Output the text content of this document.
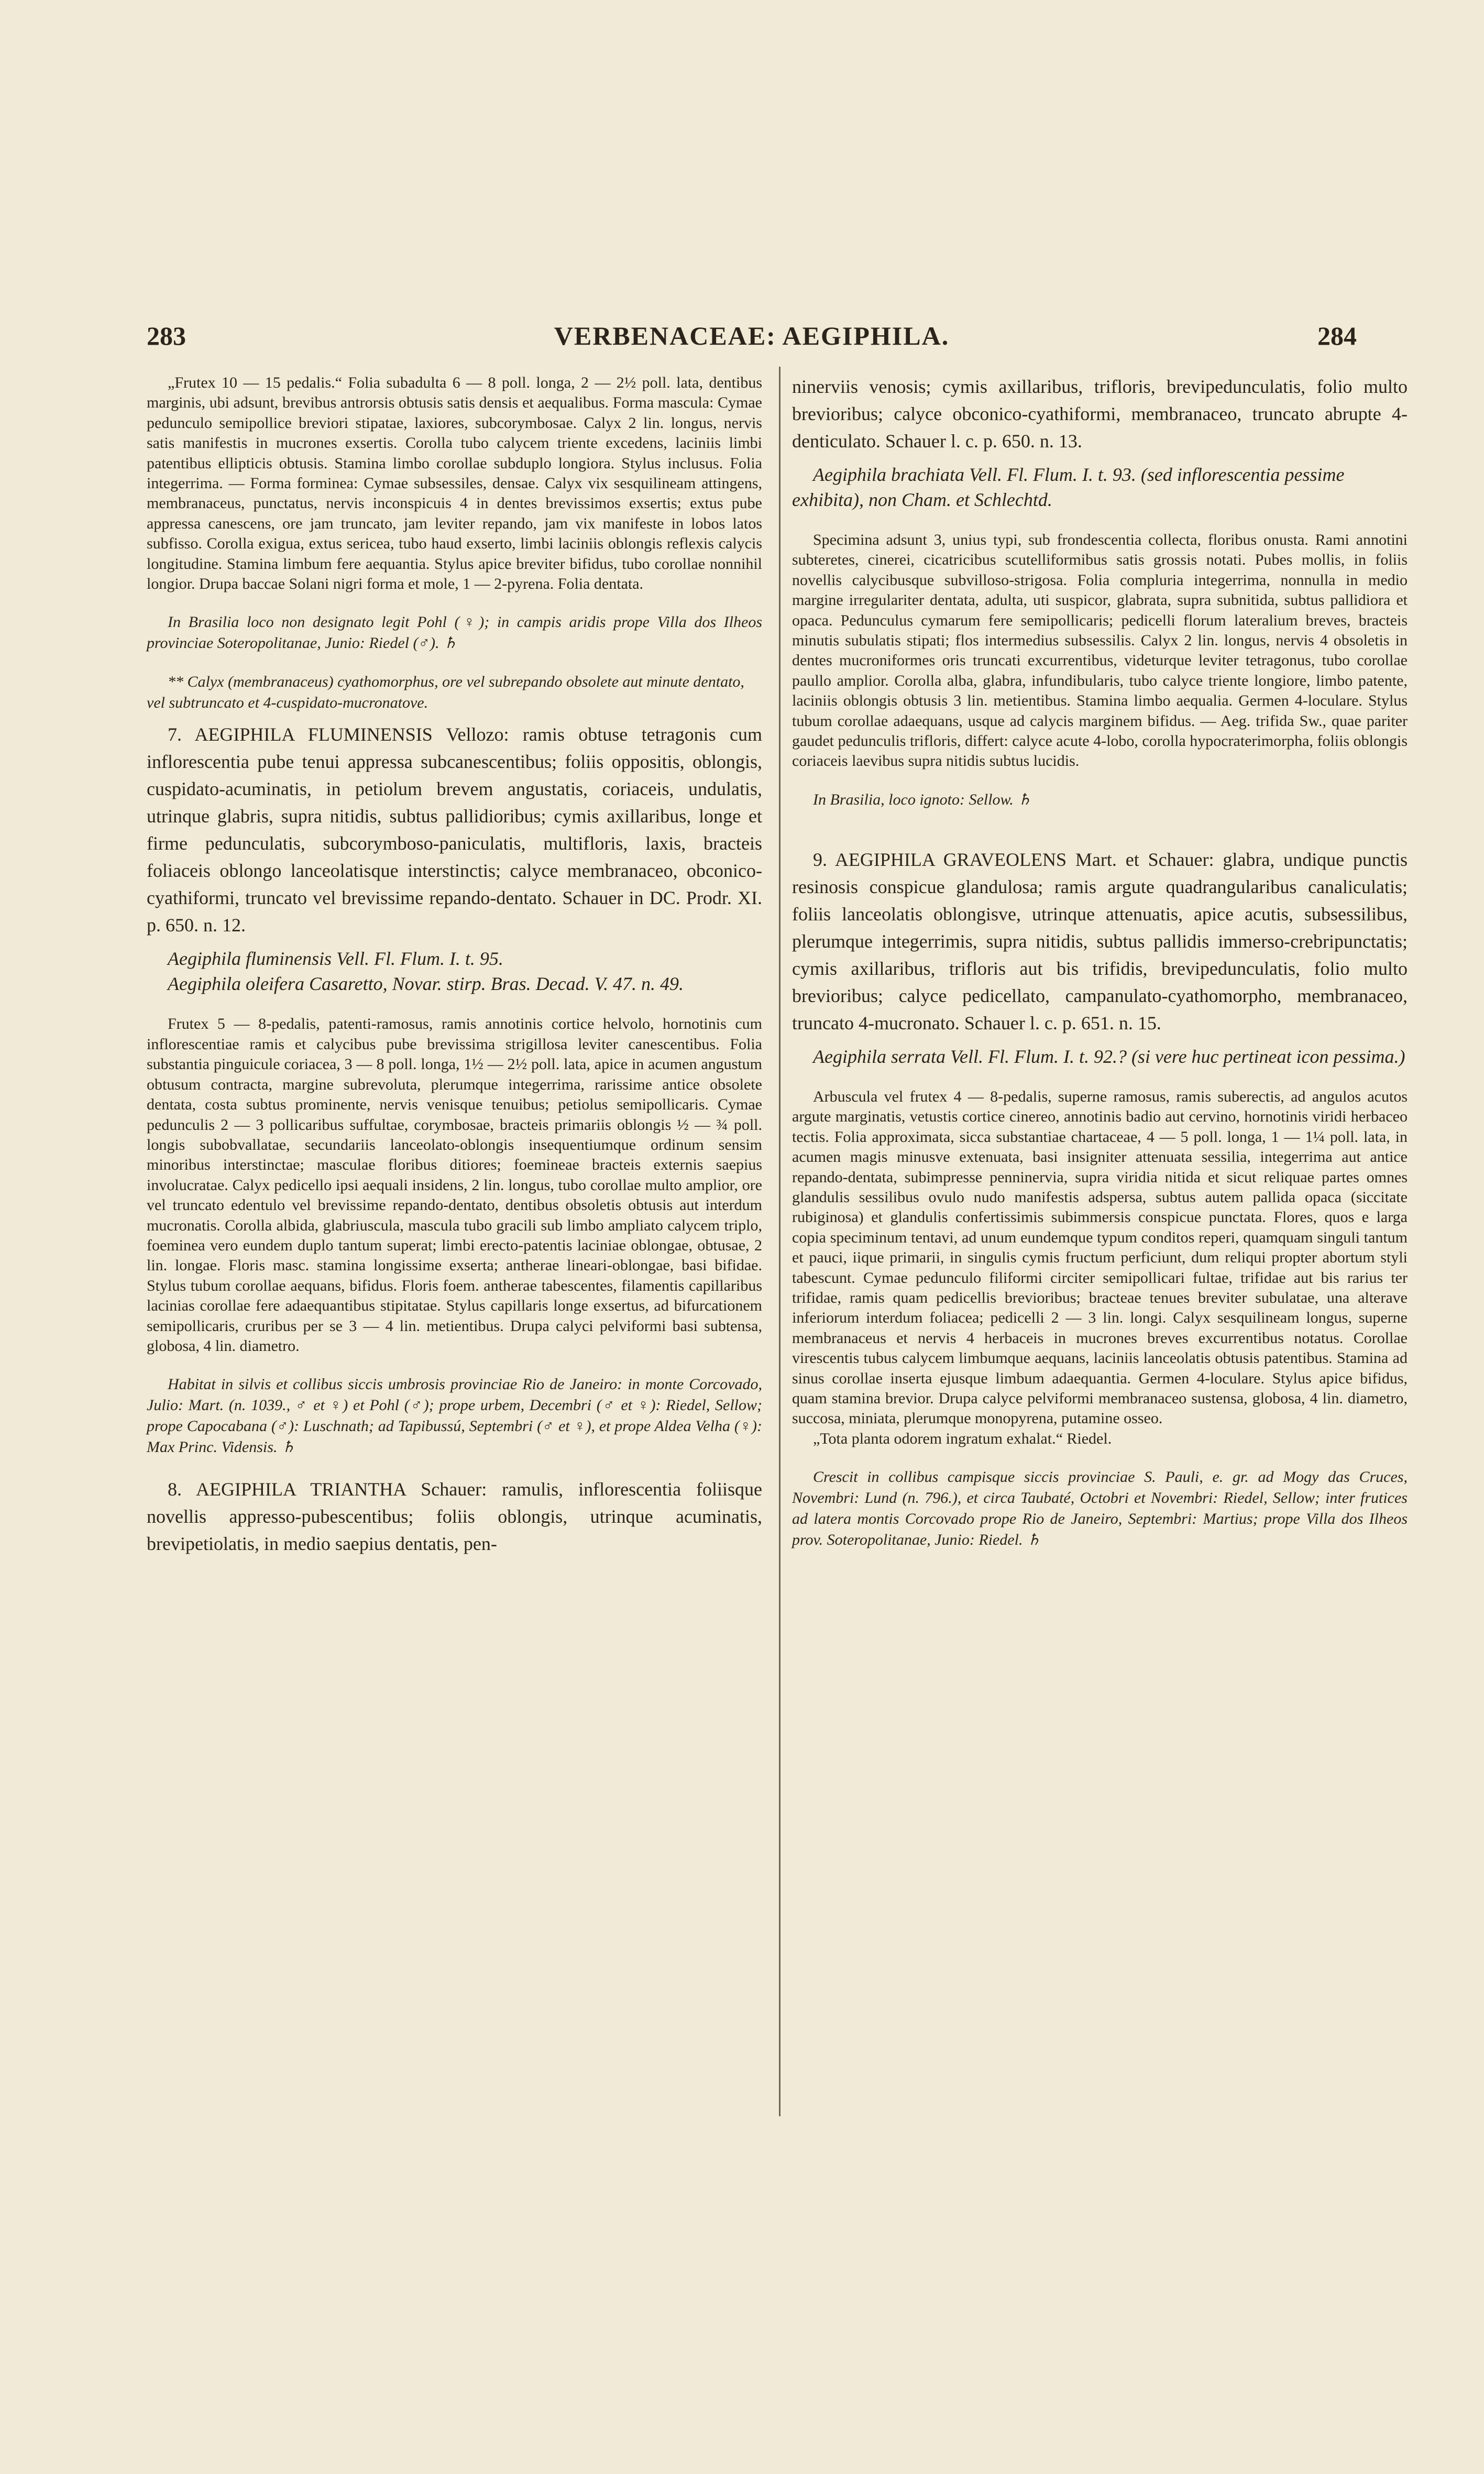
283	VERBENACEAE: AEGIPHILA.	284

„Frutex 10 — 15 pedalis.“ Folia subadulta 6 — 8 poll. longa, 2 — 2½ poll. lata, dentibus marginis, ubi adsunt, brevibus antrorsis obtusis satis densis et aequalibus. Forma mascula: Cymae pedunculo semipollice breviori stipatae, laxiores, subcorymbosae. Calyx 2 lin. longus, nervis satis manifestis in mucrones exsertis. Corolla tubo calycem triente excedens, laciniis limbi patentibus ellipticis obtusis. Stamina limbo corollae subduplo longiora. Stylus inclusus. Folia integerrima. — Forma forminea: Cymae subsessiles, densae. Calyx vix sesquilineam attingens, membranaceus, punctatus, nervis inconspicuis 4 in dentes brevissimos exsertis; extus pube appressa canescens, ore jam truncato, jam leviter repando, jam vix manifeste in lobos latos subfisso. Corolla exigua, extus sericea, tubo haud exserto, limbi laciniis oblongis reflexis calycis longitudine. Stamina limbum fere aequantia. Stylus apice breviter bifidus, tubo corollae nonnihil longior. Drupa baccae Solani nigri forma et mole, 1 — 2-pyrena. Folia dentata.

In Brasilia loco non designato legit Pohl (♀); in campis aridis prope Villa dos Ilheos provinciae Soteropolitanae, Junio: Riedel (♂). ♄

** Calyx (membranaceus) cyathomorphus, ore vel subrepando obsolete aut minute dentato, vel subtruncato et 4-cuspidato-mucronatove.

7. AEGIPHILA FLUMINENSIS Vellozo: ramis obtuse tetragonis cum inflorescentia pube tenui appressa subcanescentibus; foliis oppositis, oblongis, cuspidato-acuminatis, in petiolum brevem angustatis, coriaceis, undulatis, utrinque glabris, supra nitidis, subtus pallidioribus; cymis axillaribus, longe et firme pedunculatis, subcorymboso-paniculatis, multifloris, laxis, bracteis foliaceis oblongo lanceolatisque interstinctis; calyce membranaceo, obconico-cyathiformi, truncato vel brevissime repando-dentato. Schauer in DC. Prodr. XI. p. 650. n. 12.

Aegiphila fluminensis Vell. Fl. Flum. I. t. 95.

Aegiphila oleifera Casaretto, Novar. stirp. Bras. Decad. V. 47. n. 49.

Frutex 5 — 8-pedalis, patenti-ramosus, ramis annotinis cortice helvolo, hornotinis cum inflorescentiae ramis et calycibus pube brevissima strigillosa leviter canescentibus. Folia substantia pinguicule coriacea, 3 — 8 poll. longa, 1½ — 2½ poll. lata, apice in acumen angustum obtusum contracta, margine subrevoluta, plerumque integerrima, rarissime antice obsolete dentata, costa subtus prominente, nervis venisque tenuibus; petiolus semipollicaris. Cymae pedunculis 2 — 3 pollicaribus suffultae, corymbosae, bracteis primariis oblongis ½ — ¾ poll. longis subobvallatae, secundariis lanceolato-oblongis insequentiumque ordinum sensim minoribus interstinctae; masculae floribus ditiores; foemineae bracteis externis saepius involucratae. Calyx pedicello ipsi aequali insidens, 2 lin. longus, tubo corollae multo amplior, ore vel truncato edentulo vel brevissime repando-dentato, dentibus obsoletis obtusis aut interdum mucronatis. Corolla albida, glabriuscula, mascula tubo gracili sub limbo ampliato calycem triplo, foeminea vero eundem duplo tantum superat; limbi erecto-patentis laciniae oblongae, obtusae, 2 lin. longae. Floris masc. stamina longissime exserta; antherae lineari-oblongae, basi bifidae. Stylus tubum corollae aequans, bifidus. Floris foem. antherae tabescentes, filamentis capillaribus lacinias corollae fere adaequantibus stipitatae. Stylus capillaris longe exsertus, ad bifurcationem semipollicaris, cruribus per se 3 — 4 lin. metientibus. Drupa calyci pelviformi basi subtensa, globosa, 4 lin. diametro.

Habitat in silvis et collibus siccis umbrosis provinciae Rio de Janeiro: in monte Corcovado, Julio: Mart. (n. 1039., ♂ et ♀) et Pohl (♂); prope urbem, Decembri (♂ et ♀): Riedel, Sellow; prope Capocabana (♂): Luschnath; ad Tapibussú, Septembri (♂ et ♀), et prope Aldea Velha (♀): Max Princ. Vidensis. ♄

8. AEGIPHILA TRIANTHA Schauer: ramulis, inflorescentia foliisque novellis appresso-pubescentibus; foliis oblongis, utrinque acuminatis, brevipetiolatis, in medio saepius dentatis, pen-

ninerviis venosis; cymis axillaribus, trifloris, brevipedunculatis, folio multo brevioribus; calyce obconico-cyathiformi, membranaceo, truncato abrupte 4-denticulato. Schauer l. c. p. 650. n. 13.

Aegiphila brachiata Vell. Fl. Flum. I. t. 93. (sed inflorescentia pessime exhibita), non Cham. et Schlechtd.

Specimina adsunt 3, unius typi, sub frondescentia collecta, floribus onusta. Rami annotini subteretes, cinerei, cicatricibus scutelliformibus satis grossis notati. Pubes mollis, in foliis novellis calycibusque subvilloso-strigosa. Folia compluria integerrima, nonnulla in medio margine irregulariter dentata, adulta, uti suspicor, glabrata, supra subnitida, subtus pallidiora et opaca. Pedunculus cymarum fere semipollicaris; pedicelli florum lateralium breves, bracteis minutis subulatis stipati; flos intermedius subsessilis. Calyx 2 lin. longus, nervis 4 obsoletis in dentes mucroniformes oris truncati excurrentibus, videturque leviter tetragonus, tubo corollae paullo amplior. Corolla alba, glabra, infundibularis, tubo calyce triente longiore, limbo patente, laciniis oblongis obtusis 3 lin. metientibus. Stamina limbo aequalia. Germen 4-loculare. Stylus tubum corollae adaequans, usque ad calycis marginem bifidus. — Aeg. trifida Sw., quae pariter gaudet pedunculis trifloris, differt: calyce acute 4-lobo, corolla hypocraterimorpha, foliis oblongis coriaceis laevibus supra nitidis subtus lucidis.

In Brasilia, loco ignoto: Sellow. ♄

9. AEGIPHILA GRAVEOLENS Mart. et Schauer: glabra, undique punctis resinosis conspicue glandulosa; ramis argute quadrangularibus canaliculatis; foliis lanceolatis oblongisve, utrinque attenuatis, apice acutis, subsessilibus, plerumque integerrimis, supra nitidis, subtus pallidis immerso-crebripunctatis; cymis axillaribus, trifloris aut bis trifidis, brevipedunculatis, folio multo brevioribus; calyce pedicellato, campanulato-cyathomorpho, membranaceo, truncato 4-mucronato. Schauer l. c. p. 651. n. 15.

Aegiphila serrata Vell. Fl. Flum. I. t. 92.? (si vere huc pertineat icon pessima.)

Arbuscula vel frutex 4 — 8-pedalis, superne ramosus, ramis suberectis, ad angulos acutos argute marginatis, vetustis cortice cinereo, annotinis badio aut cervino, hornotinis viridi herbaceo tectis. Folia approximata, sicca substantiae chartaceae, 4 — 5 poll. longa, 1 — 1¼ poll. lata, in acumen magis minusve extenuata, basi insigniter attenuata sessilia, integerrima aut antice repando-dentata, subimpresse penninervia, supra viridia nitida et sicut reliquae partes omnes glandulis sessilibus ovulo nudo manifestis adspersa, subtus autem pallida opaca (siccitate rubiginosa) et glandulis confertissimis subimmersis conspicue punctata. Flores, quos e larga copia speciminum tentavi, ad unum eundemque typum conditos reperi, quamquam singuli tantum et pauci, iique primarii, in singulis cymis fructum perficiunt, dum reliqui propter abortum styli tabescunt. Cymae pedunculo filiformi circiter semipollicari fultae, trifidae aut bis rarius ter trifidae, ramis quam pedicellis brevioribus; bracteae tenues breviter subulatae, una alterave inferiorum interdum foliacea; pedicelli 2 — 3 lin. longi. Calyx sesquilineam longus, superne membranaceus et nervis 4 herbaceis in mucrones breves excurrentibus notatus. Corollae virescentis tubus calycem limbumque aequans, laciniis lanceolatis obtusis patentibus. Stamina ad sinus corollae inserta ejusque limbum adaequantia. Germen 4-loculare. Stylus apice bifidus, quam stamina brevior. Drupa calyce pelviformi membranaceo sustensa, globosa, 4 lin. diametro, succosa, miniata, plerumque monopyrena, putamine osseo.

„Tota planta odorem ingratum exhalat.“ Riedel.

Crescit in collibus campisque siccis provinciae S. Pauli, e. gr. ad Mogy das Cruces, Novembri: Lund (n. 796.), et circa Taubaté, Octobri et Novembri: Riedel, Sellow; inter frutices ad latera montis Corcovado prope Rio de Janeiro, Septembri: Martius; prope Villa dos Ilheos prov. Soteropolitanae, Junio: Riedel. ♄
